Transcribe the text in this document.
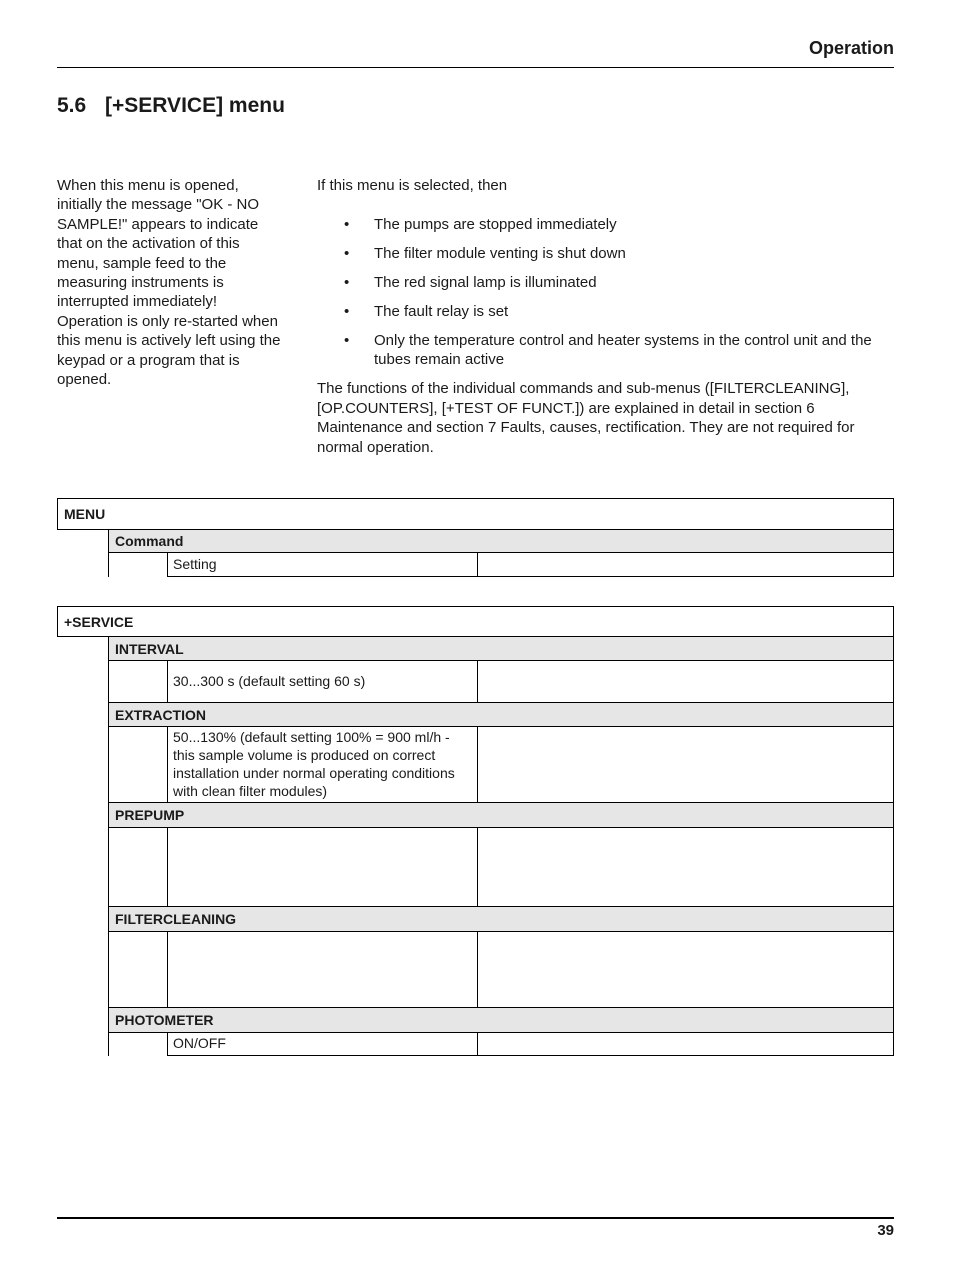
Operation
5.6 [+SERVICE] menu
When this menu is opened, initially the message "OK - NO SAMPLE!" appears to indicate that on the activation of this menu, sample feed to the measuring instruments is interrupted immediately! Operation is only re-started when this menu is actively left using the keypad or a program that is opened.

If this menu is selected, then

• The pumps are stopped immediately
• The filter module venting is shut down
• The red signal lamp is illuminated
• The fault relay is set
• Only the temperature control and heater systems in the control unit and the tubes remain active

The functions of the individual commands and sub-menus ([FILTERCLEANING], [OP.COUNTERS], [+TEST OF FUNCT.]) are explained in detail in section 6 Maintenance and section 7 Faults, causes, rectification. They are not required for normal operation.

MENU
Command
Setting
+SERVICE
INTERVAL
30...300 s (default setting 60 s)
EXTRACTION
50...130% (default setting 100% = 900 ml/h - this sample volume is produced on correct installation under normal operating conditions with clean filter modules)
PREPUMP
FILTERCLEANING
PHOTOMETER
ON/OFF
39
